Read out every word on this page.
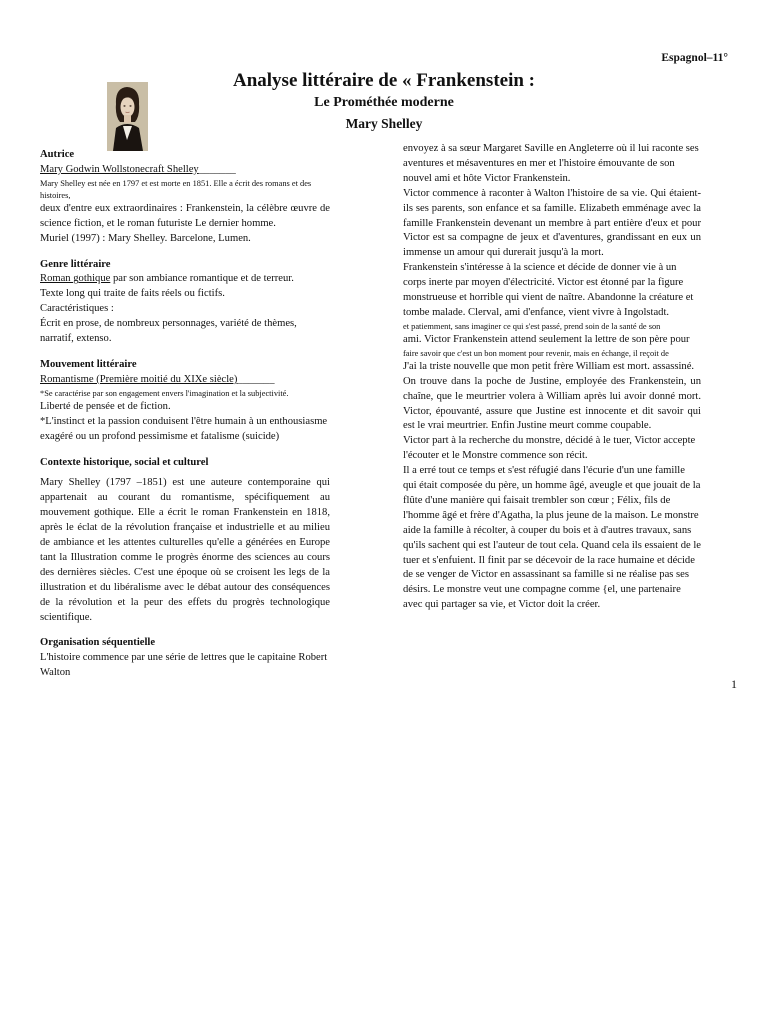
Espagnol–11°
Analyse littéraire de « Frankenstein :
Le Prométhée moderne
Mary Shelley
Autrice
Mary Godwin Wollstonecraft Shelley_______
Mary Shelley est née en 1797 et est morte en 1851. Elle a écrit des romans et des histoires,
deux d'entre eux extraordinaires : Frankenstein, la célèbre œuvre de science fiction, et le roman futuriste Le dernier homme.
Muriel (1997) : Mary Shelley. Barcelone, Lumen.
Genre littéraire
Roman gothique par son ambiance romantique et de terreur.
Texte long qui traite de faits réels ou fictifs.
Caractéristiques :
Écrit en prose, de nombreux personnages, variété de thèmes, narratif, extenso.
Mouvement littéraire
Romantisme (Première moitié du XIXe siècle)_______
*Se caractérise par son engagement envers l'imagination et la subjectivité.
Liberté de pensée et de fiction.
*L'instinct et la passion conduisent l'être humain à un enthousiasme exagéré ou un profond pessimisme et fatalisme (suicide)
Contexte historique, social et culturel
Mary Shelley (1797 –1851) est une auteure contemporaine qui appartenait au courant du romantisme, spécifiquement au mouvement gothique. Elle a écrit le roman Frankenstein en 1818, après le éclat de la révolution française et industrielle et au milieu de ambiance et les attentes culturelles qu'elle a générées en Europe tant la Illustration comme le progrès énorme des sciences au cours des dernières siècles. C'est une époque où se croisent les legs de la illustration et du libéralisme avec le débat autour des conséquences de la révolution et la peur des effets du progrès technologique scientifique.
Organisation séquentielle
L'histoire commence par une série de lettres que le capitaine Robert Walton
envoyez à sa sœur Margaret Saville en Angleterre où il lui raconte ses aventures et mésaventures en mer et l'histoire émouvante de son nouvel ami et hôte Victor Frankenstein.
Victor commence à raconter à Walton l'histoire de sa vie. Qui étaient-ils ses parents, son enfance et sa famille. Elizabeth emménage avec la famille Frankenstein devenant un membre à part entière d'eux et pour Victor est sa compagne de jeux et d'aventures, grandissant en eux un immense un amour qui durerait jusqu'à la mort.
Frankenstein s'intéresse à la science et décide de donner vie à un corps inerte par moyen d'électricité. Victor est étonné par la figure monstrueuse et horrible qui vient de naître. Abandonne la créature et tombe malade. Clerval, ami d'enfance, vient vivre à Ingolstadt.
et patiemment, sans imaginer ce qui s'est passé, prend soin de la santé de son
ami. Victor Frankenstein attend seulement la lettre de son père pour
faire savoir que c'est un bon moment pour revenir, mais en échange, il reçoit de
J'ai la triste nouvelle que mon petit frère William est mort. assassiné.
On trouve dans la poche de Justine, employée des Frankenstein, un chaîne, que le meurtrier volera à William après lui avoir donné mort. Victor, épouvanté, assure que Justine est innocente et dit savoir qui est le vrai meurtrier. Enfin Justine meurt comme coupable.
Victor part à la recherche du monstre, décidé à le tuer, Victor accepte l'écouter et le Monstre commence son récit.
Il a erré tout ce temps et s'est réfugié dans l'écurie d'un une famille qui était composée du père, un homme âgé, aveugle et que jouait de la flûte d'une manière qui faisait trembler son cœur ; Félix, fils de l'homme âgé et frère d'Agatha, la plus jeune de la maison. Le monstre aide la famille à récolter, à couper du bois et à d'autres travaux, sans qu'ils sachent qui est l'auteur de tout cela. Quand cela ils essaient de le tuer et s'enfuient. Il finit par se décevoir de la race humaine et décide de se venger de Victor en assassinant sa famille si ne réalise pas ses désirs. Le monstre veut une compagne comme {el, une partenaire avec qui partager sa vie, et Victor doit la créer.
1
